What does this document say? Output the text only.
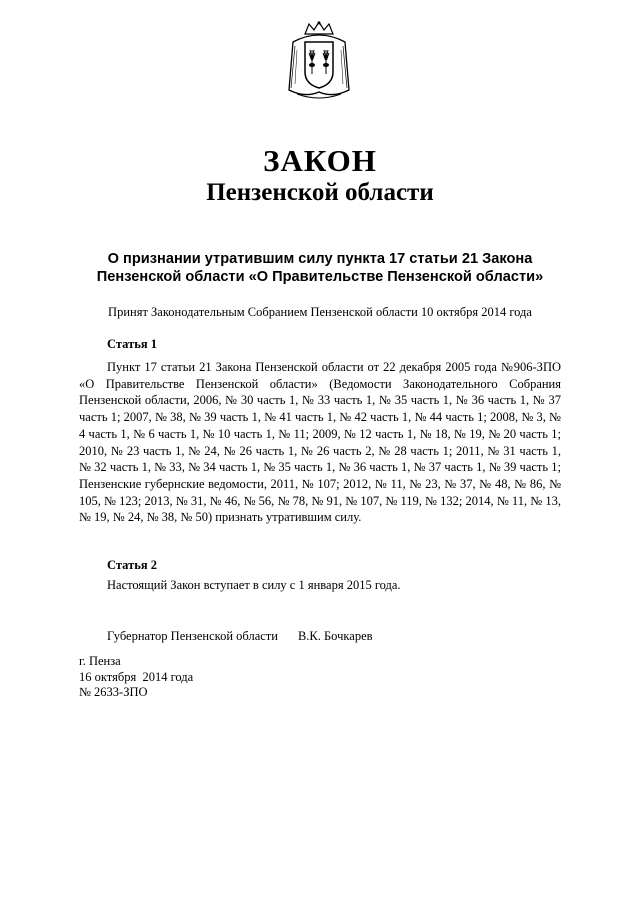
ЗАКОН
Пензенской области
О признании утратившим силу пункта 17 статьи 21 Закона
Пензенской области «О Правительстве Пензенской области»
Принят Законодательным Собранием Пензенской области 10 октября 2014 года
Статья 1
Пункт 17 статьи 21 Закона Пензенской области от 22 декабря 2005 года №906-ЗПО «О Правительстве Пензенской области» (Ведомости Законодательного Собрания Пензенской области, 2006, № 30 часть 1, № 33 часть 1, № 35 часть 1, № 36 часть 1, № 37 часть 1; 2007, № 38, № 39 часть 1, № 41 часть 1, № 42 часть 1, № 44 часть 1; 2008, № 3, № 4 часть 1, № 6 часть 1, № 10 часть 1, № 11; 2009, № 12 часть 1, № 18, № 19, № 20 часть 1; 2010, № 23 часть 1, № 24, № 26 часть 1, № 26 часть 2, № 28 часть 1; 2011, № 31 часть 1, № 32 часть 1, № 33, № 34 часть 1, № 35 часть 1, № 36 часть 1, № 37 часть 1, № 39 часть 1; Пензенские губернские ведомости, 2011, № 107; 2012, № 11, № 23, № 37, № 48, № 86, № 105, № 123; 2013, № 31, № 46, № 56, № 78, № 91, № 107, № 119, № 132; 2014, № 11, № 13, № 19, № 24, № 38, № 50) признать утратившим силу.
Статья 2
Настоящий Закон вступает в силу с 1 января 2015 года.
Губернатор Пензенской области В.К. Бочкарев
г. Пенза
16 октября  2014 года
№ 2633-ЗПО
